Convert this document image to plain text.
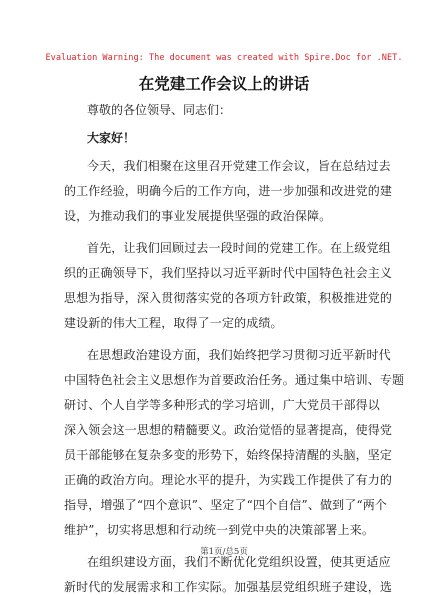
Evaluation Warning: The document was created with Spire.Doc for .NET.
在党建工作会议上的讲话
尊敬的各位领导、同志们：
大家好！
今天，我们相聚在这里召开党建工作会议，旨在总结过去
的工作经验，明确今后的工作方向，进一步加强和改进党的建
设，为推动我们的事业发展提供坚强的政治保障。
首先，让我们回顾过去一段时间的党建工作。在上级党组
织的正确领导下，我们坚持以习近平新时代中国特色社会主义
思想为指导，深入贯彻落实党的各项方针政策，积极推进党的
建设新的伟大工程，取得了一定的成绩。
在思想政治建设方面，我们始终把学习贯彻习近平新时代
中国特色社会主义思想作为首要政治任务。通过集中培训、专题
研讨、个人自学等多种形式的学习培训，广大党员干部得以
深入领会这一思想的精髓要义。政治觉悟的显著提高，使得党
员干部能够在复杂多变的形势下，始终保持清醒的头脑，坚定
正确的政治方向。理论水平的提升，为实践工作提供了有力的
指导，增强了“四个意识”、坚定了“四个自信”、做到了“两个
维护”，切实将思想和行动统一到党中央的决策部署上来。
在组织建设方面，我们不断优化党组织设置，使其更适应
新时代的发展需求和工作实际。加强基层党组织班子建设，选
第1页/总5页
